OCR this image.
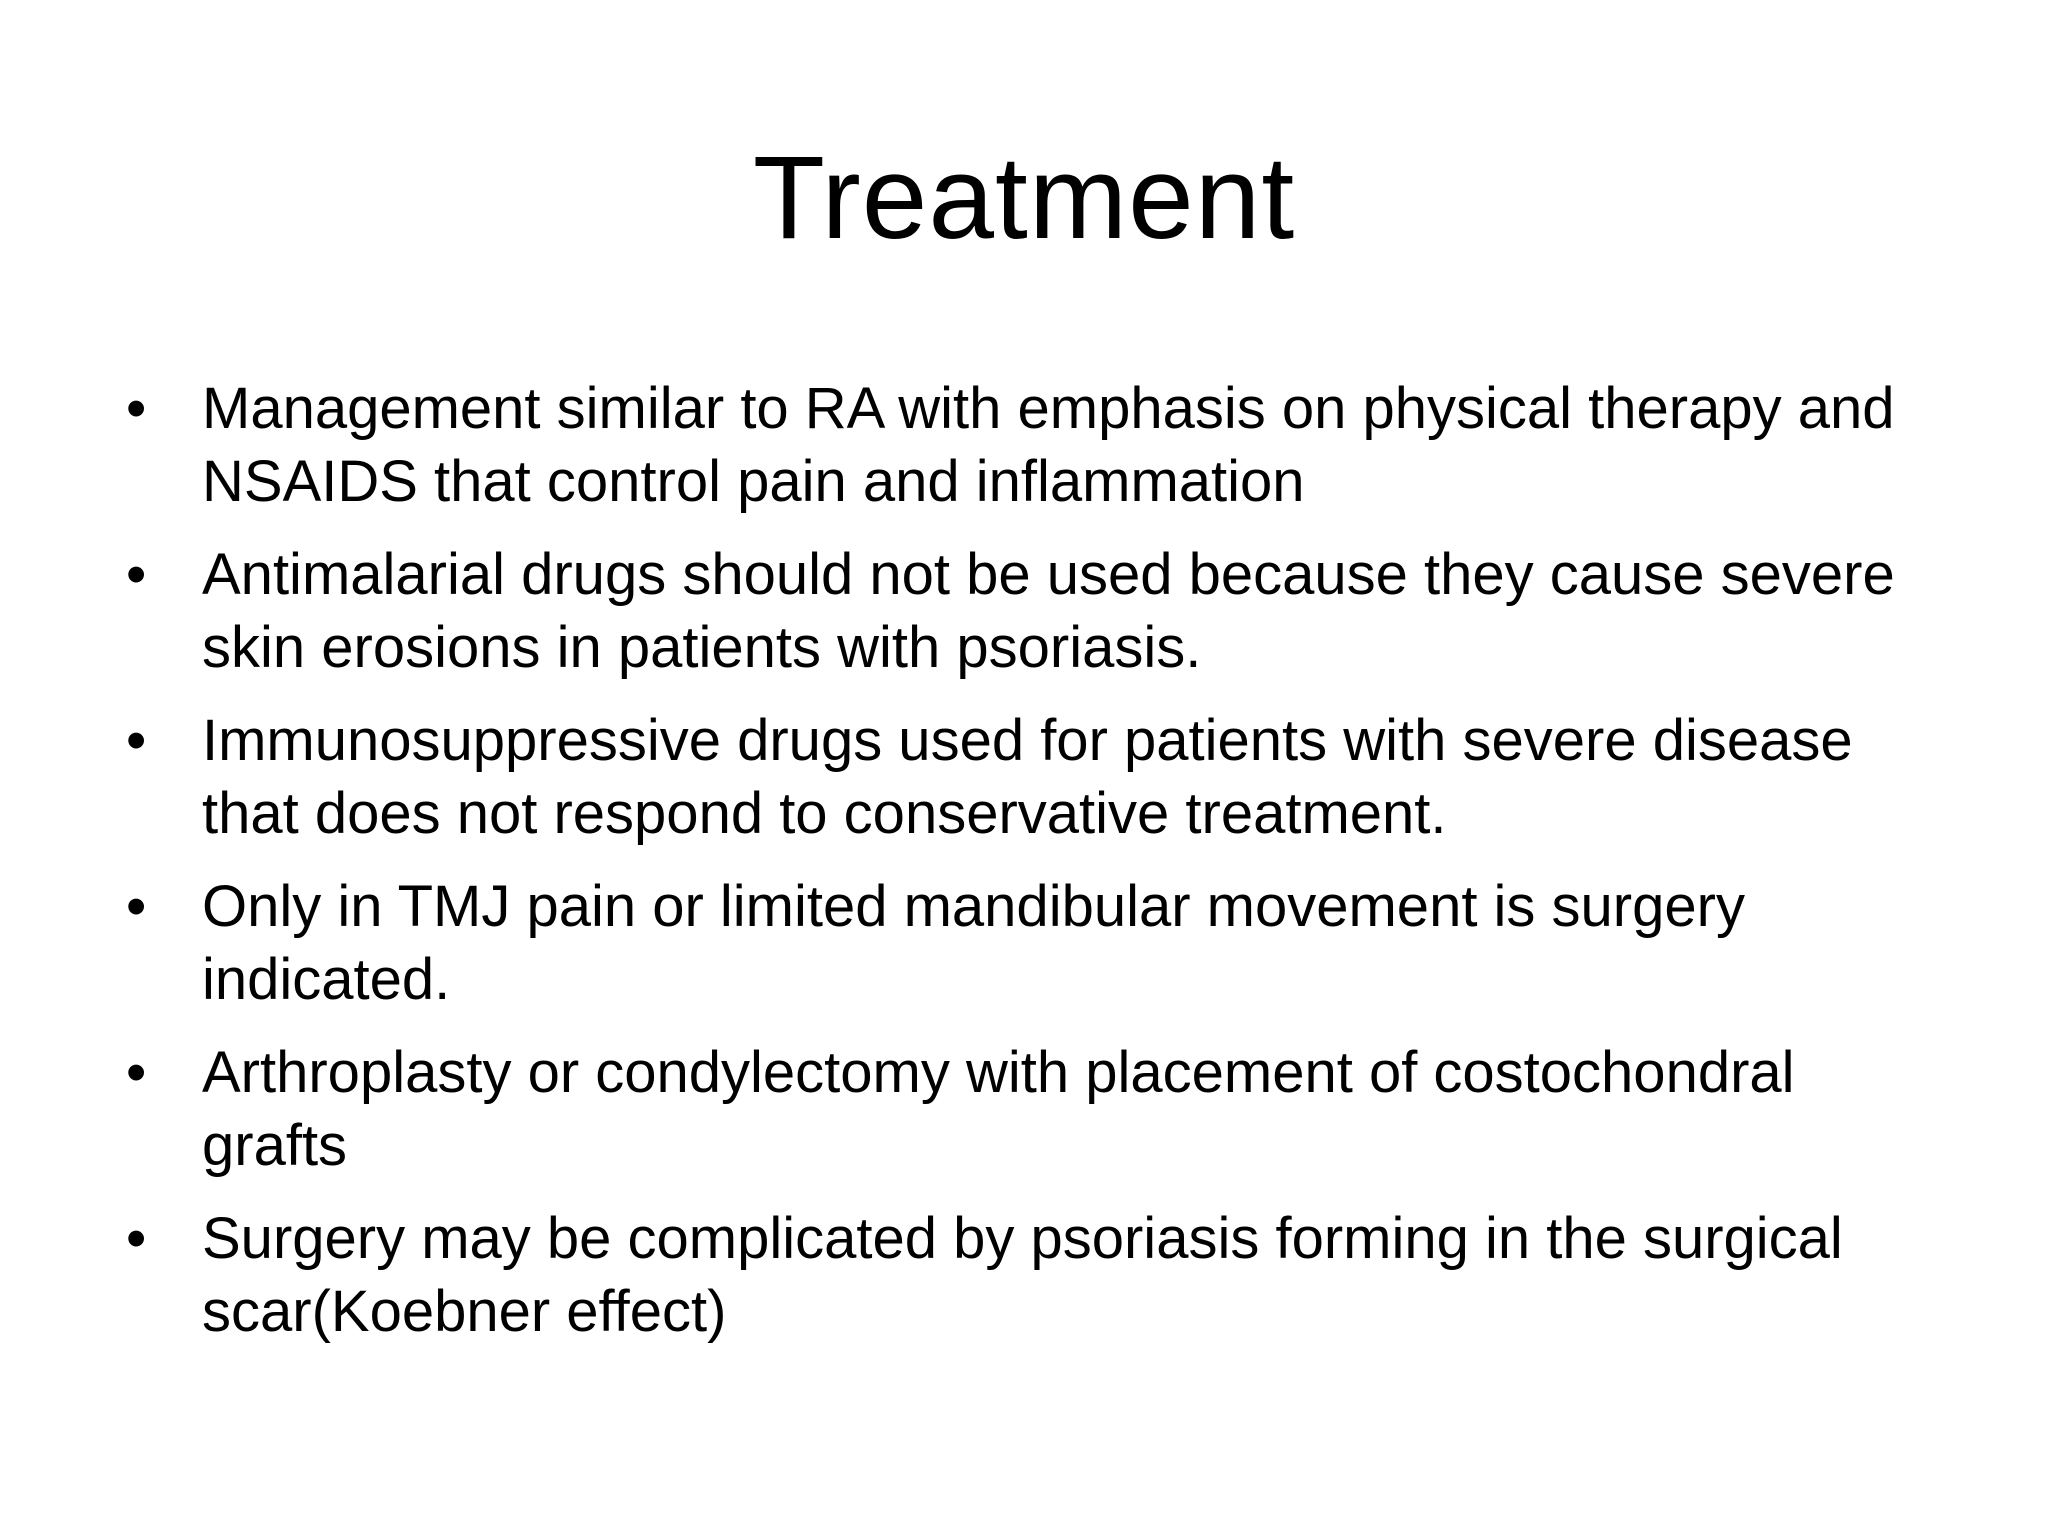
Treatment
• Management similar to RA with emphasis on physical therapy and NSAIDS that control pain and inflammation
• Antimalarial drugs should not be used because they cause severe skin erosions in patients with psoriasis.
• Immunosuppressive drugs used for patients with severe disease that does not respond to conservative treatment.
• Only in TMJ pain or limited mandibular movement is surgery indicated.
• Arthroplasty or condylectomy with placement of costochondral grafts
• Surgery may be complicated by psoriasis forming in the surgical scar(Koebner effect)
